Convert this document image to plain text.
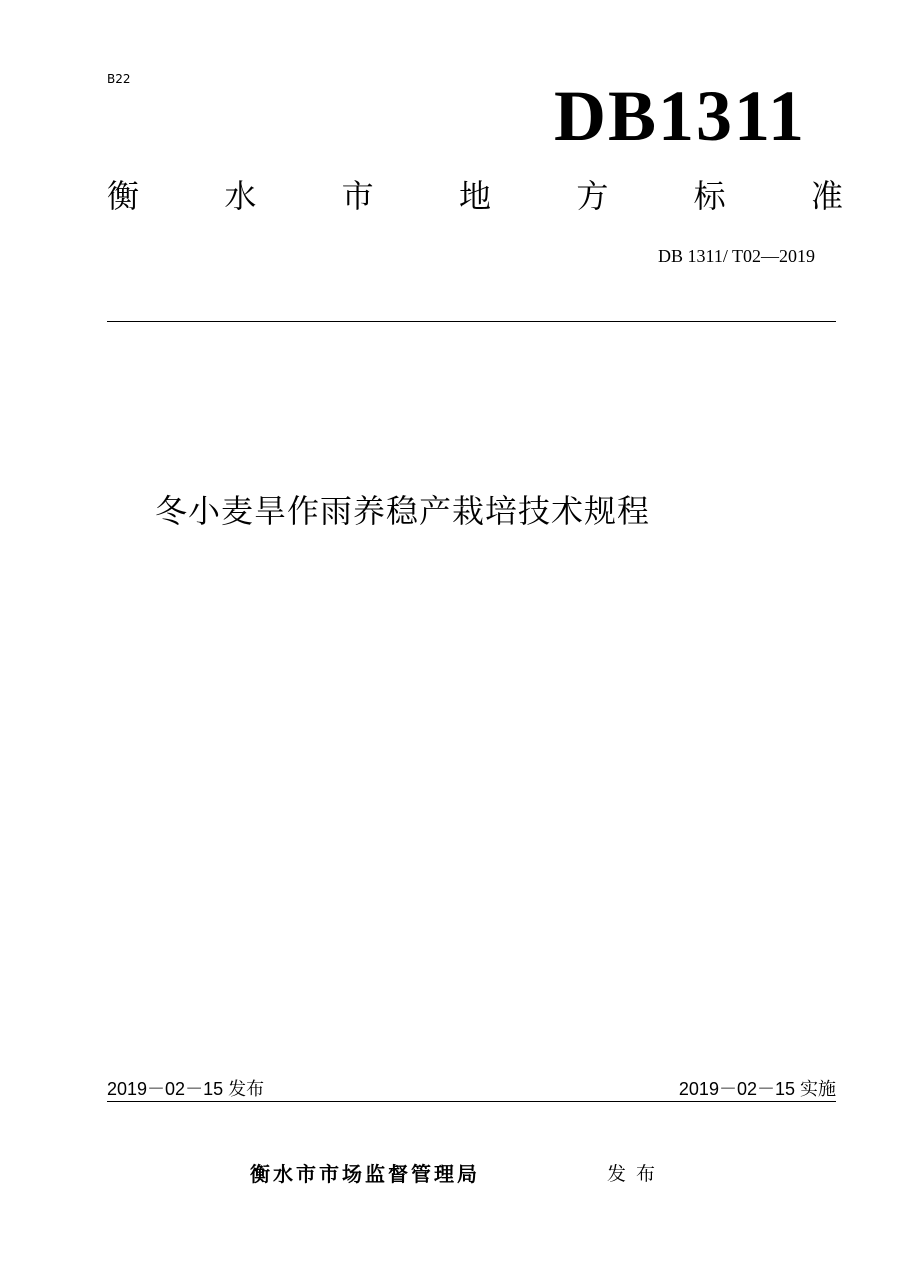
B22	DB1311
衡	水	市	地	方	标	准
DB 1311/ T02—2019
冬小麦旱作雨养稳产栽培技术规程
2019－02－15 发布	2019－02－15 实施
衡水市市场监督管理局	发布
